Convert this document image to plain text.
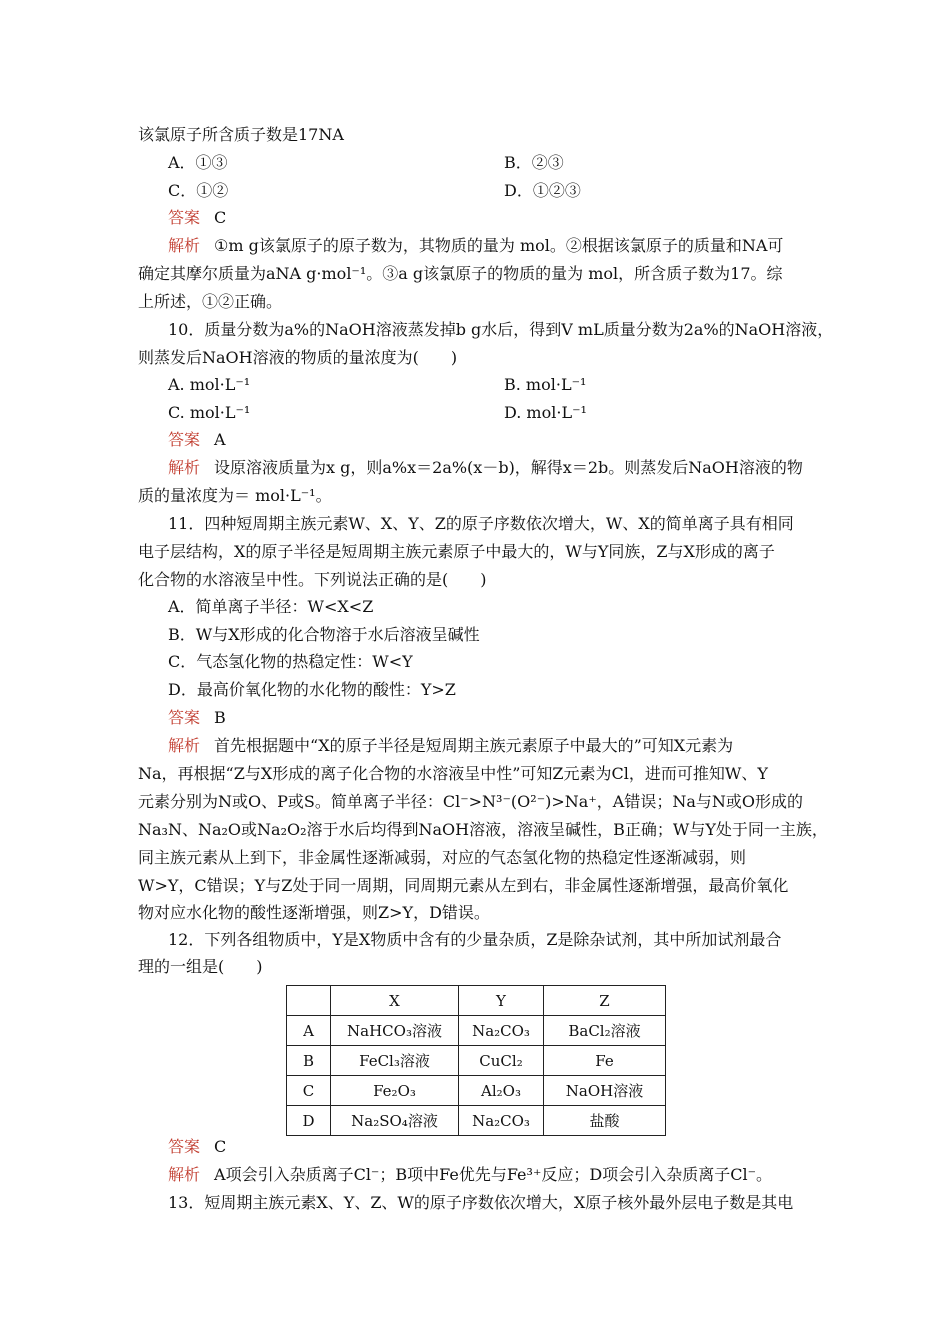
该氯原子所含质子数是17NA
A．①③	B．②③
C．①②	D．①②③
答案 C
解析 ①m g该氯原子的原子数为，其物质的量为 mol。②根据该氯原子的质量和NA可
确定其摩尔质量为aNA g·mol⁻¹。③a g该氯原子的物质的量为 mol，所含质子数为17。综
上所述，①②正确。
10．质量分数为a%的NaOH溶液蒸发掉b g水后，得到V mL质量分数为2a%的NaOH溶液，
则蒸发后NaOH溶液的物质的量浓度为(　　)
A. mol·L⁻¹	B. mol·L⁻¹
C. mol·L⁻¹	D. mol·L⁻¹
答案 A
解析 设原溶液质量为x g，则a%x＝2a%(x－b)，解得x＝2b。则蒸发后NaOH溶液的物
质的量浓度为＝ mol·L⁻¹。
11．四种短周期主族元素W、X、Y、Z的原子序数依次增大，W、X的简单离子具有相同
电子层结构，X的原子半径是短周期主族元素原子中最大的，W与Y同族，Z与X形成的离子
化合物的水溶液呈中性。下列说法正确的是(　　)
A．简单离子半径：W<X<Z
B．W与X形成的化合物溶于水后溶液呈碱性
C．气态氢化物的热稳定性：W<Y
D．最高价氧化物的水化物的酸性：Y>Z
答案 B
解析 首先根据题中“X的原子半径是短周期主族元素原子中最大的”可知X元素为
Na，再根据“Z与X形成的离子化合物的水溶液呈中性”可知Z元素为Cl，进而可推知W、Y
元素分别为N或O、P或S。简单离子半径：Cl⁻>N³⁻(O²⁻)>Na⁺，A错误；Na与N或O形成的
Na₃N、Na₂O或Na₂O₂溶于水后均得到NaOH溶液，溶液呈碱性，B正确；W与Y处于同一主族，
同主族元素从上到下，非金属性逐渐减弱，对应的气态氢化物的热稳定性逐渐减弱，则
W>Y，C错误；Y与Z处于同一周期，同周期元素从左到右，非金属性逐渐增强，最高价氧化
物对应水化物的酸性逐渐增强，则Z>Y，D错误。
12．下列各组物质中，Y是X物质中含有的少量杂质，Z是除杂试剂，其中所加试剂最合
理的一组是(　　)
	X	Y	Z
A	NaHCO₃溶液	Na₂CO₃	BaCl₂溶液
B	FeCl₃溶液	CuCl₂	Fe
C	Fe₂O₃	Al₂O₃	NaOH溶液
D	Na₂SO₄溶液	Na₂CO₃	盐酸
答案 C
解析 A项会引入杂质离子Cl⁻；B项中Fe优先与Fe³⁺反应；D项会引入杂质离子Cl⁻。
13．短周期主族元素X、Y、Z、W的原子序数依次增大，X原子核外最外层电子数是其电
